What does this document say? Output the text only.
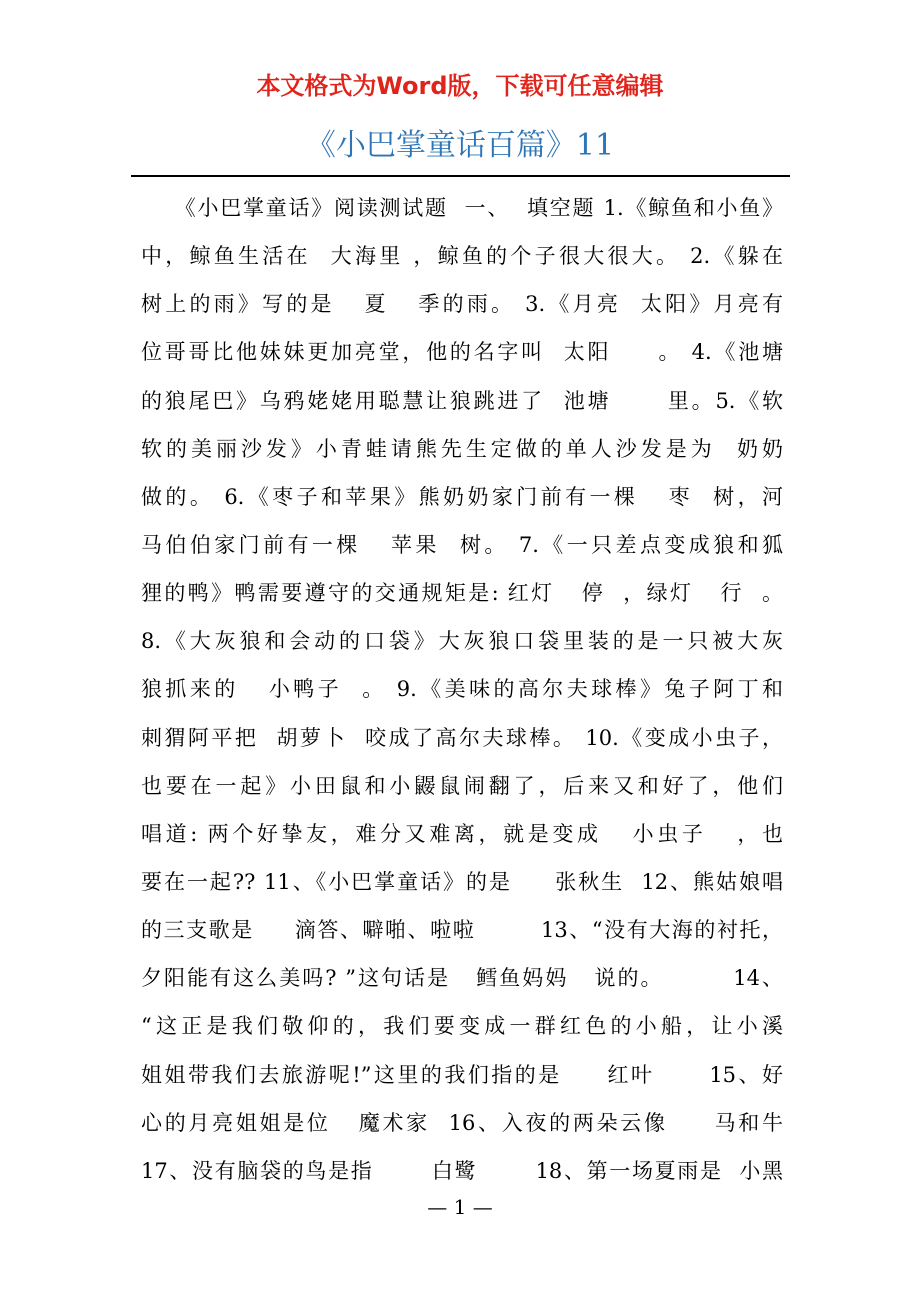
本文格式为Word版，下载可任意编辑

《小巴掌童话百篇》11
《小巴掌童话》阅读测试题  一、  填空题 1.《鲸鱼和小鱼》
中，鲸鱼生活在  大海里 ，鲸鱼的个子很大很大。 2.《躲在
树上的雨》写的是   夏   季的雨。 3.《月亮  太阳》月亮有
位哥哥比他妹妹更加亮堂，他的名字叫  太阳     。 4.《池塘
的狼尾巴》乌鸦姥姥用聪慧让狼跳进了  池塘      里。5.《软
软的美丽沙发》小青蛙请熊先生定做的单人沙发是为  奶奶
做的。 6.《枣子和苹果》熊奶奶家门前有一棵   枣  树，河
马伯伯家门前有一棵   苹果  树。 7.《一只差点变成狼和狐
狸的鸭》鸭需要遵守的交通规矩是: 红灯   停  ，绿灯   行  。
8.《大灰狼和会动的口袋》大灰狼口袋里装的是一只被大灰
狼抓来的   小鸭子  。 9.《美味的高尔夫球棒》兔子阿丁和
刺猬阿平把  胡萝卜  咬成了高尔夫球棒。 10.《变成小虫子，
也要在一起》小田鼠和小鼹鼠闹翻了，后来又和好了，他们
唱道: 两个好挚友，难分又难离，就是变成   小虫子   ，也
要在一起?? 11、《小巴掌童话》的是     张秋生  12、熊姑娘唱
的三支歌是     滴答、噼啪、啦啦        13、“没有大海的衬托，
夕阳能有这么美吗? ”这句话是   鳕鱼妈妈   说的。        14、
“这正是我们敬仰的，我们要变成一群红色的小船，让小溪
姐姐带我们去旅游呢!”这里的我们指的是     红叶      15、好
心的月亮姐姐是位   魔术家  16、入夜的两朵云像     马和牛
17、没有脑袋的鸟是指       白鹭       18、第一场夏雨是  小黑

— 1 —
